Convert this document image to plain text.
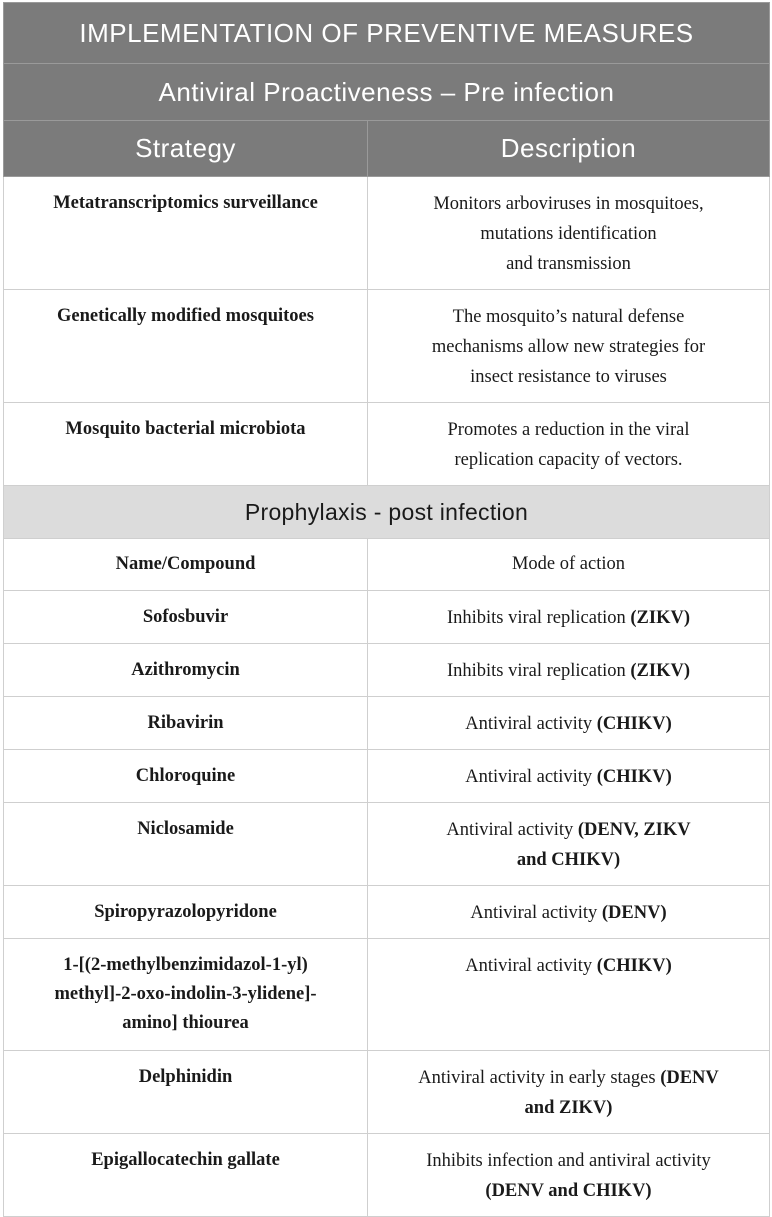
IMPLEMENTATION OF PREVENTIVE MEASURES	
Antiviral Proactiveness – Pre infection	
Strategy	Description
Metatranscriptomics surveillance	Monitors arboviruses in mosquitoes,
mutations identification
and transmission

Genetically modified mosquitoes	The mosquito’s natural defense
mechanisms allow new strategies for
insect resistance to viruses

Mosquito bacterial microbiota	Promotes a reduction in the viral
replication capacity of vectors.

Prophylaxis - post infection	
Name/Compound	Mode of action
Sofosbuvir	Inhibits viral replication (ZIKV)
Azithromycin	Inhibits viral replication (ZIKV)
Ribavirin	Antiviral activity (CHIKV)
Chloroquine	Antiviral activity (CHIKV)
Niclosamide	Antiviral activity (DENV, ZIKV
and CHIKV)

Spiropyrazolopyridone	Antiviral activity (DENV)

1-[(2-methylbenzimidazol-1-yl)
methyl]-2-oxo-indolin-3-ylidene]-
amino] thiourea	Antiviral activity (CHIKV)
Delphinidin	Antiviral activity in early stages (DENV
and ZIKV)

Epigallocatechin gallate	Inhibits infection and antiviral activity
(DENV and CHIKV)
